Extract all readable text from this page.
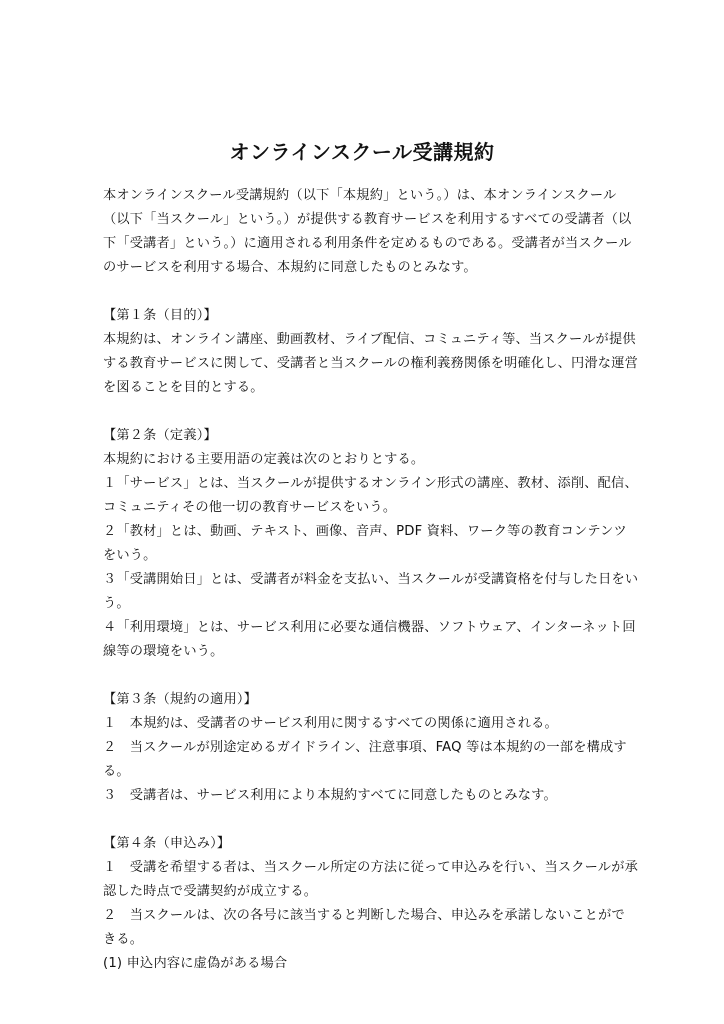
オンラインスクール受講規約
本オンラインスクール受講規約（以下「本規約」という。）は、本オンラインスクール
（以下「当スクール」という。）が提供する教育サービスを利用するすべての受講者（以
下「受講者」という。）に適用される利用条件を定めるものである。受講者が当スクール
のサービスを利用する場合、本規約に同意したものとみなす。
【第１条（目的）】
本規約は、オンライン講座、動画教材、ライブ配信、コミュニティ等、当スクールが提供
する教育サービスに関して、受講者と当スクールの権利義務関係を明確化し、円滑な運営
を図ることを目的とする。
【第２条（定義）】
本規約における主要用語の定義は次のとおりとする。
１「サービス」とは、当スクールが提供するオンライン形式の講座、教材、添削、配信、
コミュニティその他一切の教育サービスをいう。
２「教材」とは、動画、テキスト、画像、音声、PDF 資料、ワーク等の教育コンテンツ
をいう。
３「受講開始日」とは、受講者が料金を支払い、当スクールが受講資格を付与した日をい
う。
４「利用環境」とは、サービス利用に必要な通信機器、ソフトウェア、インターネット回
線等の環境をいう。
【第３条（規約の適用）】
１　本規約は、受講者のサービス利用に関するすべての関係に適用される。
２　当スクールが別途定めるガイドライン、注意事項、FAQ 等は本規約の一部を構成す
る。
３　受講者は、サービス利用により本規約すべてに同意したものとみなす。
【第４条（申込み）】
１　受講を希望する者は、当スクール所定の方法に従って申込みを行い、当スクールが承
認した時点で受講契約が成立する。
２　当スクールは、次の各号に該当すると判断した場合、申込みを承諾しないことがで
きる。
(1) 申込内容に虚偽がある場合
